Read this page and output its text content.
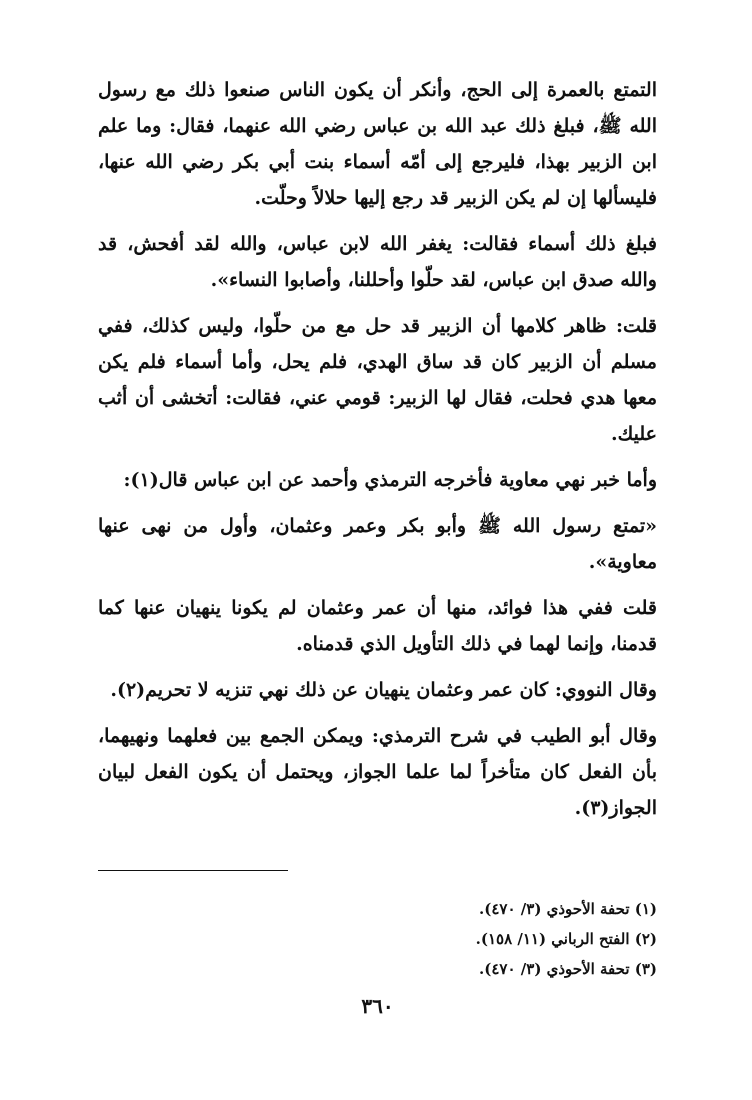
التمتع بالعمرة إلى الحج، وأنكر أن يكون الناس صنعوا ذلك مع رسول الله ﷺ، فبلغ ذلك عبد الله بن عباس رضي الله عنهما، فقال: وما علم ابن الزبير بهذا، فليرجع إلى أمّه أسماء بنت أبي بكر رضي الله عنها، فليسألها إن لم يكن الزبير قد رجع إليها حلالاً وحلّت.

فبلغ ذلك أسماء فقالت: يغفر الله لابن عباس، والله لقد أفحش، قد والله صدق ابن عباس، لقد حلّوا وأحللنا، وأصابوا النساء».

قلت: ظاهر كلامها أن الزبير قد حل مع من حلّوا، وليس كذلك، ففي مسلم أن الزبير كان قد ساق الهدي، فلم يحل، وأما أسماء فلم يكن معها هدي فحلت، فقال لها الزبير: قومي عني، فقالت: أتخشى أن أثب عليك.

وأما خبر نهي معاوية فأخرجه الترمذي وأحمد عن ابن عباس قال(١):

«تمتع رسول الله ﷺ وأبو بكر وعمر وعثمان، وأول من نهى عنها معاوية».

قلت ففي هذا فوائد، منها أن عمر وعثمان لم يكونا ينهيان عنها كما قدمنا، وإنما لهما في ذلك التأويل الذي قدمناه.

وقال النووي: كان عمر وعثمان ينهيان عن ذلك نهي تنزيه لا تحريم(٢).

وقال أبو الطيب في شرح الترمذي: ويمكن الجمع بين فعلهما ونهيهما، بأن الفعل كان متأخراً لما علما الجواز، ويحتمل أن يكون الفعل لبيان الجواز(٣).

(١) تحفة الأحوذي (٣/ ٤٧٠).

(٢) الفتح الرباني (١١/ ١٥٨).

(٣) تحفة الأحوذي (٣/ ٤٧٠).

٣٦٠
